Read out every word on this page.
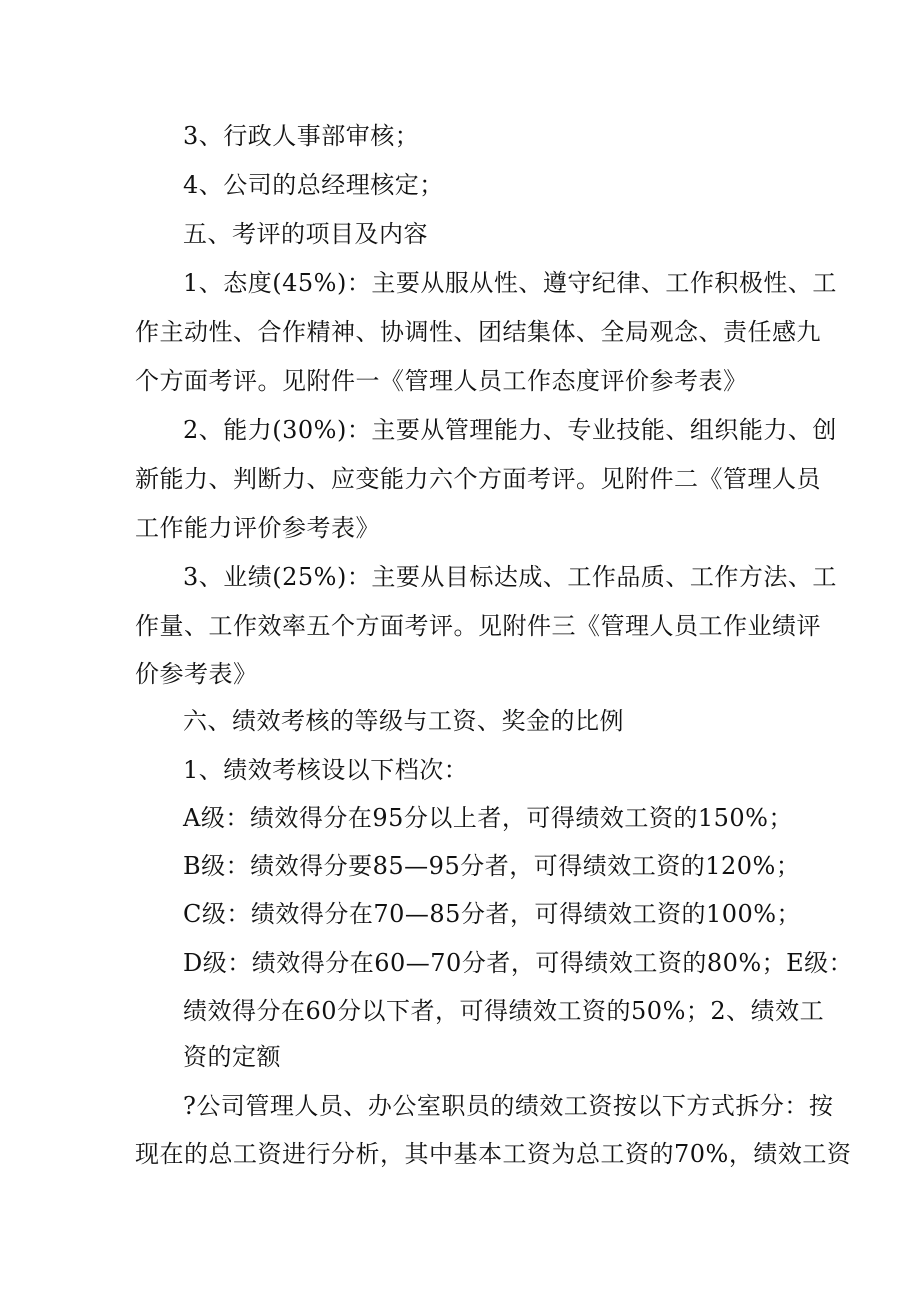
3、行政人事部审核；
4、公司的总经理核定；
五、考评的项目及内容
1、态度(45%)：主要从服从性、遵守纪律、工作积极性、工
作主动性、合作精神、协调性、团结集体、全局观念、责任感九
个方面考评。见附件一《管理人员工作态度评价参考表》
2、能力(30%)：主要从管理能力、专业技能、组织能力、创
新能力、判断力、应变能力六个方面考评。见附件二《管理人员
工作能力评价参考表》
3、业绩(25%)：主要从目标达成、工作品质、工作方法、工
作量、工作效率五个方面考评。见附件三《管理人员工作业绩评
价参考表》
六、绩效考核的等级与工资、奖金的比例
1、绩效考核设以下档次：
A级：绩效得分在95分以上者，可得绩效工资的150%；
B级：绩效得分要85—95分者，可得绩效工资的120%；
C级：绩效得分在70—85分者，可得绩效工资的100%；
D级：绩效得分在60—70分者，可得绩效工资的80%；E级：
绩效得分在60分以下者，可得绩效工资的50%；2、绩效工
资的定额
?公司管理人员、办公室职员的绩效工资按以下方式拆分：按
现在的总工资进行分析，其中基本工资为总工资的70%，绩效工资
